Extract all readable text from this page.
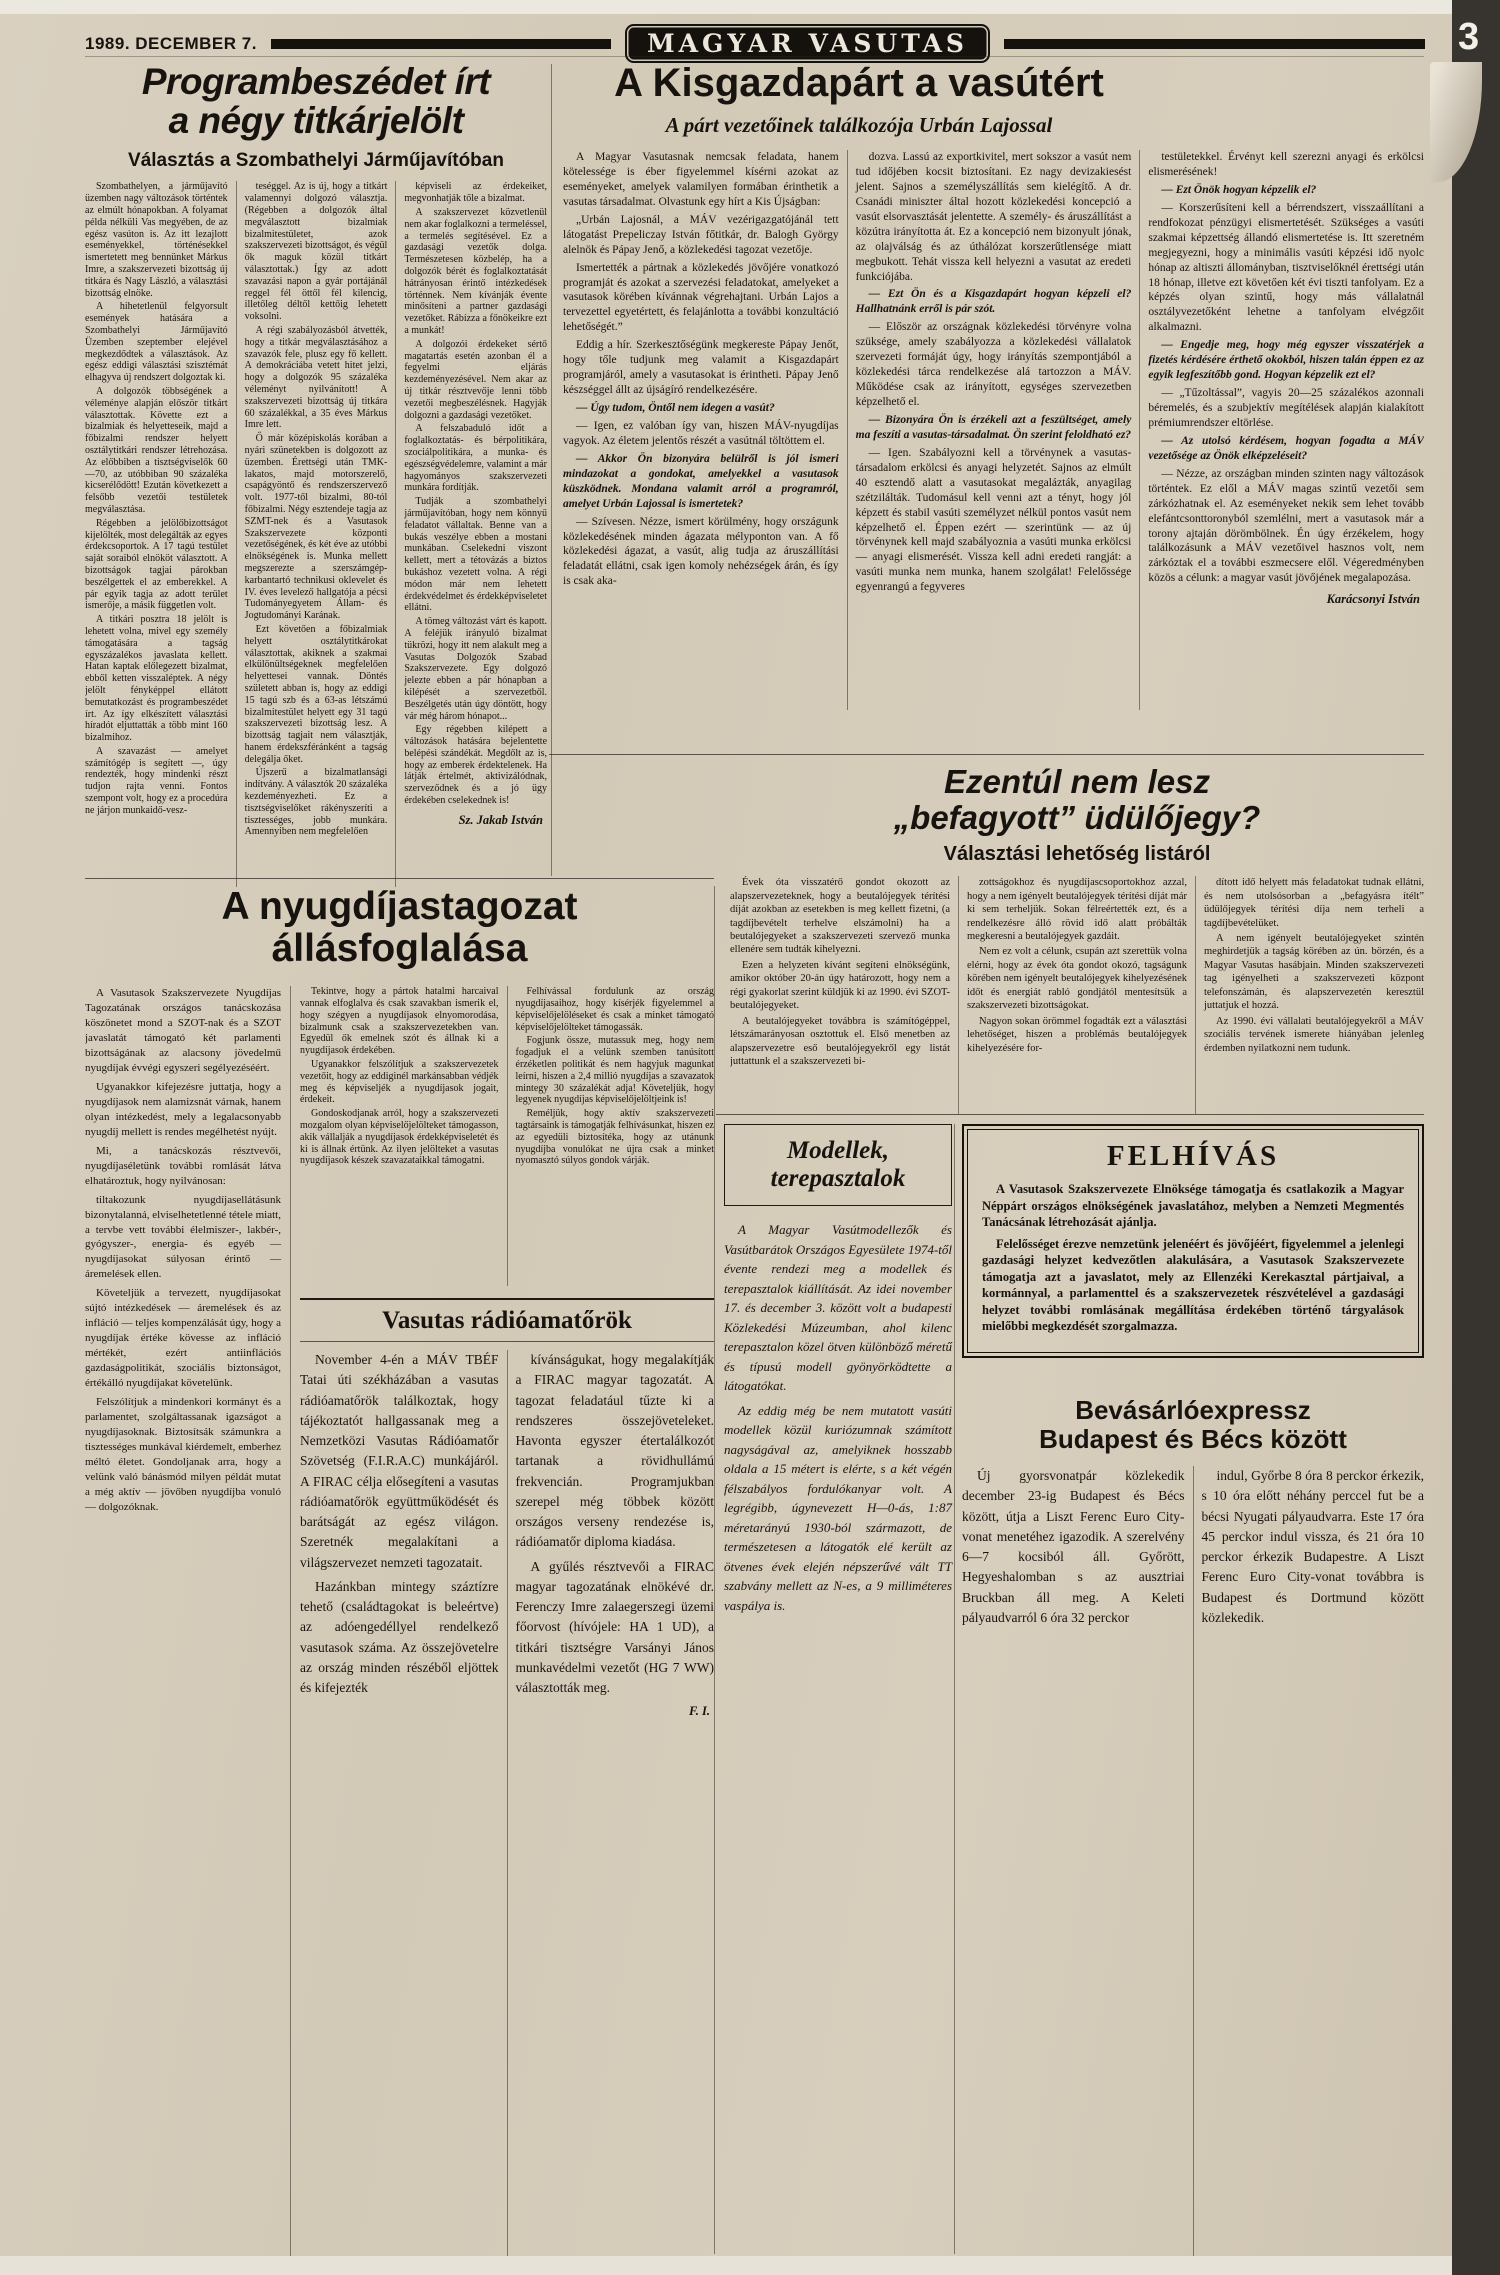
3
1989. DECEMBER 7.	MAGYAR VASUTAS
Programbeszédet írt
a négy titkárjelölt
Választás a Szombathelyi Járműjavítóban

Szombathelyen, a járműjavító üzemben nagy változások történtek az elmúlt hónapokban. A folyamat példa nélküli Vas megyében, de az egész vasúton is. Az itt lezajlott eseményekkel, történésekkel ismertetett meg bennünket Márkus Imre, a szakszervezeti bizottság új titkára és Nagy László, a választási bizottság elnöke.

A hihetetlenül felgyorsult események hatására a Szombathelyi Járműjavító Üzemben szeptember elejével megkezdődtek a választások. Az egész eddigi választási szisztémát elhagyva új rendszert dolgoztak ki.

A dolgozók többségének a véleménye alapján először titkárt választottak. Követte ezt a bizalmiak és helyetteseik, majd a főbizalmi rendszer helyett osztálytitkári rendszer létrehozása. Az előbbiben a tisztségviselők 60—70, az utóbbiban 90 százaléka kicserélődött! Ezután következett a felsőbb vezetői testületek megválasztása.

Régebben a jelölőbizottságot kijelölték, most delegálták az egyes érdekcsoportok. A 17 tagú testület saját soraiból elnököt választott. A bizottságok tagjai párokban beszélgettek el az emberekkel. A pár egyik tagja az adott terület ismerője, a másik független volt.

A titkári posztra 18 jelölt is lehetett volna, mivel egy személy támogatására a tagság egyszázalékos javaslata kellett. Hatan kaptak előlegezett bizalmat, ebből ketten visszaléptek. A négy jelölt fényképpel ellátott bemutatkozást és programbeszédet írt. Az így elkészített választási híradót eljuttatták a több mint 160 bizalmihoz.

A szavazást — amelyet számítógép is segített —, úgy rendezték, hogy mindenki részt tudjon rajta venni. Fontos szempont volt, hogy ez a procedúra ne járjon munkaidő-vesz-

teséggel. Az is új, hogy a titkárt valamennyi dolgozó választja. (Régebben a dolgozók által megválasztott bizalmiak bizalmitestületet, azok szakszervezeti bizottságot, és végül ők maguk közül titkárt választottak.) Így az adott szavazási napon a gyár portájánál reggel fél öttől fél kilencig, illetőleg déltől kettőig lehetett voksolni.

A régi szabályozásból átvették, hogy a titkár megválasztásához a szavazók fele, plusz egy fő kellett. A demokráciába vetett hitet jelzi, hogy a dolgozók 95 százaléka véleményt nyilvánított! A szakszervezeti bizottság új titkára 60 százalékkal, a 35 éves Márkus Imre lett.

Ő már középiskolás korában a nyári szünetekben is dolgozott az üzemben. Érettségi után TMK-lakatos, majd motorszerelő, csapágyöntő és rendszerszervező volt. 1977-től bizalmi, 80-tól főbizalmi. Négy esztendeje tagja az SZMT-nek és a Vasutasok Szakszervezete központi vezetőségének, és két éve az utóbbi elnökségének is. Munka mellett megszerezte a szerszámgép-karbantartó technikusi oklevelet és IV. éves levelező hallgatója a pécsi Tudományegyetem Állam- és Jogtudományi Karának.

Ezt követően a főbizalmiak helyett osztálytitkárokat választottak, akiknek a szakmai elkülönültségeknek megfelelően helyettesei vannak. Döntés született abban is, hogy az eddigi 15 tagú szb és a 63-as létszámú bizalmitestület helyett egy 31 tagú szakszervezeti bizottság lesz. A bizottság tagjait nem választják, hanem érdekszféránként a tagság delegálja őket.

Újszerű a bizalmatlansági indítvány. A választók 20 százaléka kezdeményezheti. Ez a tisztségviselőket rákényszeríti a tisztességes, jobb munkára. Amennyiben nem megfelelően

képviseli az érdekeiket, megvonhatják tőle a bizalmat.

A szakszervezet közvetlenül nem akar foglalkozni a termeléssel, a termelés segítésével. Ez a gazdasági vezetők dolga. Természetesen közbelép, ha a dolgozók bérét és foglalkoztatását hátrányosan érintő intézkedések történnek. Nem kívánják évente minősíteni a partner gazdasági vezetőket. Rábízza a főnökeikre ezt a munkát!

A dolgozói érdekeket sértő magatartás esetén azonban él a fegyelmi eljárás kezdeményezésével. Nem akar az új titkár résztvevője lenni több vezetői megbeszélésnek. Hagyják dolgozni a gazdasági vezetőket.

A felszabaduló időt a foglalkoztatás- és bérpolitikára, szociálpolitikára, a munka- és egészségvédelemre, valamint a már hagyományos szakszervezeti munkára fordítják.

Tudják a szombathelyi járműjavítóban, hogy nem könnyű feladatot vállaltak. Benne van a bukás veszélye ebben a mostani munkában. Cselekedni viszont kellett, mert a tétovázás a biztos bukáshoz vezetett volna. A régi módon már nem lehetett érdekvédelmet és érdekképviseletet ellátni.

A tömeg változást várt és kapott. A feléjük irányuló bizalmat tükrözi, hogy itt nem alakult meg a Vasutas Dolgozók Szabad Szakszervezete. Egy dolgozó jelezte ebben a pár hónapban a kilépését a szervezetből. Beszélgetés után úgy döntött, hogy vár még három hónapot...

Egy régebben kilépett a változások hatására bejelentette belépési szándékát. Megdőlt az is, hogy az emberek érdektelenek. Ha látják értelmét, aktivizálódnak, szerveződnek és a jó ügy érdekében cselekednek is!

Sz. Jakab István
A Kisgazdapárt a vasútért
A párt vezetőinek találkozója Urbán Lajossal

A Magyar Vasutasnak nemcsak feladata, hanem kötelessége is éber figyelemmel kísérni azokat az eseményeket, amelyek valamilyen formában érinthetik a vasutas társadalmat. Olvastunk egy hírt a Kis Újságban:

„Urbán Lajosnál, a MÁV vezérigazgatójánál tett látogatást Prepeliczay István főtitkár, dr. Balogh György alelnök és Pápay Jenő, a közlekedési tagozat vezetője.

Ismertették a pártnak a közlekedés jövőjére vonatkozó programját és azokat a szervezési feladatokat, amelyeket a vasutasok körében kívánnak végrehajtani. Urbán Lajos a tervezettel egyetértett, és felajánlotta a további konzultáció lehetőségét.”

Eddig a hír. Szerkesztőségünk megkereste Pápay Jenőt, hogy tőle tudjunk meg valamit a Kisgazdapárt programjáról, amely a vasutasokat is érintheti. Pápay Jenő készséggel állt az újságíró rendelkezésére.

— Úgy tudom, Öntől nem idegen a vasút?

— Igen, ez valóban így van, hiszen MÁV-nyugdíjas vagyok. Az életem jelentős részét a vasútnál töltöttem el.

— Akkor Ön bizonyára belülről is jól ismeri mindazokat a gondokat, amelyekkel a vasutasok küszködnek. Mondana valamit arról a programról, amelyet Urbán Lajossal is ismertetek?

— Szívesen. Nézze, ismert körülmény, hogy országunk közlekedésének minden ágazata mélyponton van. A fő közlekedési ágazat, a vasút, alig tudja az áruszállítási feladatát ellátni, csak igen komoly nehézségek árán, és így is csak aka-

dozva. Lassú az exportkivitel, mert sokszor a vasút nem tud időjében kocsit biztosítani. Ez nagy devizakiesést jelent. Sajnos a személyszállítás sem kielégítő. A dr. Csanádi miniszter által hozott közlekedési koncepció a vasút elsorvasztását jelentette. A személy- és áruszállítást a közútra irányította át. Ez a koncepció nem bizonyult jónak, az olajválság és az úthálózat korszerűtlensége miatt megbukott. Tehát vissza kell helyezni a vasutat az eredeti funkciójába.

— Ezt Ön és a Kisgazdapárt hogyan képzeli el? Hallhatnánk erről is pár szót.

— Először az országnak közlekedési törvényre volna szüksége, amely szabályozza a közlekedési vállalatok szervezeti formáját úgy, hogy irányítás szempontjából a közlekedési tárca rendelkezése alá tartozzon a MÁV. Működése csak az irányított, egységes szervezetben képzelhető el.

— Bizonyára Ön is érzékeli azt a feszültséget, amely ma feszíti a vasutas-társadalmat. Ön szerint feloldható ez?

— Igen. Szabályozni kell a törvénynek a vasutas-társadalom erkölcsi és anyagi helyzetét. Sajnos az elmúlt 40 esztendő alatt a vasutasokat megalázták, anyagilag szétzilálták. Tudomásul kell venni azt a tényt, hogy jól képzett és stabil vasúti személyzet nélkül pontos vasút nem képzelhető el. Éppen ezért — szerintünk — az új törvénynek kell majd szabályoznia a vasúti munka erkölcsi — anyagi elismerését. Vissza kell adni eredeti rangját: a vasúti munka nem munka, hanem szolgálat! Felelőssége egyenrangú a fegyveres

testületekkel. Érvényt kell szerezni anyagi és erkölcsi elismerésének!

— Ezt Önök hogyan képzelik el?

— Korszerűsíteni kell a bérrendszert, visszaállítani a rendfokozat pénzügyi elismertetését. Szükséges a vasúti szakmai képzettség állandó elismertetése is. Itt szeretném megjegyezni, hogy a minimális vasúti képzési idő nyolc hónap az altiszti állományban, tisztviselőknél érettségi után 18 hónap, illetve ezt követően két évi tiszti tanfolyam. Ez a képzés olyan szintű, hogy más vállalatnál osztályvezetőként lehetne a tanfolyam elvégzőit alkalmazni.

— Engedje meg, hogy még egyszer visszatérjek a fizetés kérdésére érthető okokból, hiszen talán éppen ez az egyik legfeszítőbb gond. Hogyan képzelik ezt el?

— „Tűzoltással”, vagyis 20—25 százalékos azonnali béremelés, és a szubjektív megítélések alapján kialakított prémiumrendszer eltörlése.

— Az utolsó kérdésem, hogyan fogadta a MÁV vezetősége az Önök elképzeléseit?

— Nézze, az országban minden szinten nagy változások történtek. Ez elől a MÁV magas szintű vezetői sem zárkózhatnak el. Az eseményeket nekik sem lehet tovább elefántcsonttoronyból szemlélni, mert a vasutasok már a torony ajtaján dörömbölnek. Én úgy érzékelem, hogy találkozásunk a MÁV vezetőivel hasznos volt, nem zárkóztak el a további eszmecsere elől. Végeredményben közös a célunk: a magyar vasút jövőjének megalapozása.

Karácsonyi István
Ezentúl nem lesz
„befagyott” üdülőjegy?
Választási lehetőség listáról

Évek óta visszatérő gondot okozott az alapszervezeteknek, hogy a beutalójegyek térítési díját azokban az esetekben is meg kellett fizetni, (a tagdíjbevételt terhelve elszámolni) ha a beutalójegyeket a szakszervezeti szervező munka ellenére sem tudták kihelyezni.

Ezen a helyzeten kívánt segíteni elnökségünk, amikor október 20-án úgy határozott, hogy nem a régi gyakorlat szerint küldjük ki az 1990. évi SZOT-beutalójegyeket.

A beutalójegyeket továbbra is számítógéppel, létszámarányosan osztottuk el. Első menetben az alapszervezetre eső beutalójegyekről egy listát juttattunk el a szakszervezeti bi-

zottságokhoz és nyugdíjascsoportokhoz azzal, hogy a nem igényelt beutalójegyek térítési díját már ki sem terheljük. Sokan félreértették ezt, és a rendelkezésre álló rövid idő alatt próbálták megkeresni a beutalójegyek gazdáit.

Nem ez volt a célunk, csupán azt szerettük volna elérni, hogy az évek óta gondot okozó, tagságunk körében nem igényelt beutalójegyek kihelyezésének időt és energiát rabló gondjától mentesítsük a szakszervezeti bizottságokat.

Nagyon sokan örömmel fogadták ezt a választási lehetőséget, hiszen a problémás beutalójegyek kihelyezésére for-

dított idő helyett más feladatokat tudnak ellátni, és nem utolsósorban a „befagyásra ítélt” üdülőjegyek térítési díja nem terheli a tagdíjbevételüket.

A nem igényelt beutalójegyeket szintén meghirdetjük a tagság körében az ún. börzén, és a Magyar Vasutas hasábjain. Minden szakszervezeti tag igényelheti a szakszervezeti központ telefonszámán, és alapszervezetén keresztül juttatjuk el hozzá.

Az 1990. évi vállalati beutalójegyekről a MÁV szociális tervének ismerete hiányában jelenleg érdemben nyilatkozni nem tudunk.

A nyugdíjastagozat
állásfoglalása

A Vasutasok Szakszervezete Nyugdíjas Tagozatának országos tanácskozása köszönetet mond a SZOT-nak és a SZOT javaslatát támogató két parlamenti bizottságának az alacsony jövedelmű nyugdíjak évvégi egyszeri segélyezéséért.

Ugyanakkor kifejezésre juttatja, hogy a nyugdíjasok nem alamizsnát várnak, hanem olyan intézkedést, mely a legalacsonyabb nyugdíj mellett is rendes megélhetést nyújt.

Mi, a tanácskozás résztvevői, nyugdíjaséletünk további romlását látva elhatároztuk, hogy nyilvánosan:

tiltakozunk nyugdíjasellátásunk bizonytalanná, elviselhetetlenné tétele miatt, a tervbe vett további élelmiszer-, lakbér-, gyógyszer-, energia- és egyéb — nyugdíjasokat súlyosan érintő — áremelések ellen.

Követeljük a tervezett, nyugdíjasokat sújtó intézkedések — áremelések és az infláció — teljes kompenzálását úgy, hogy a nyugdíjak értéke kövesse az infláció mértékét, ezért antiinflációs gazdaságpolitikát, szociális biztonságot, értékálló nyugdíjakat követelünk.

Felszólítjuk a mindenkori kormányt és a parlamentet, szolgáltassanak igazságot a nyugdíjasoknak. Biztosítsák számunkra a tisztességes munkával kiérdemelt, emberhez méltó életet. Gondoljanak arra, hogy a velünk való bánásmód milyen példát mutat a még aktív — jövőben nyugdíjba vonuló — dolgozóknak.

Tekintve, hogy a pártok hatalmi harcaival vannak elfoglalva és csak szavakban ismerik el, hogy szégyen a nyugdíjasok elnyomorodása, bizalmunk csak a szakszervezetekben van. Egyedül ők emelnek szót és állnak ki a nyugdíjasok érdekében.

Ugyanakkor felszólítjuk a szakszervezetek vezetőit, hogy az eddiginél markánsabban védjék meg és képviseljék a nyugdíjasok jogait, érdekeit.

Gondoskodjanak arról, hogy a szakszervezeti mozgalom olyan képviselőjelölteket támogasson, akik vállalják a nyugdíjasok érdekképviseletét és ki is állnak értünk. Az ilyen jelölteket a vasutas nyugdíjasok készek szavazataikkal támogatni.

Felhívással fordulunk az ország nyugdíjasaihoz, hogy kísérjék figyelemmel a képviselőjelöléseket és csak a minket támogató képviselőjelölteket támogassák.

Fogjunk össze, mutassuk meg, hogy nem fogadjuk el a velünk szemben tanúsított érzéketlen politikát és nem hagyjuk magunkat leírni, hiszen a 2,4 millió nyugdíjas a szavazatok mintegy 30 százalékát adja! Követeljük, hogy legyenek nyugdíjas képviselőjelöltjeink is!

Reméljük, hogy aktív szakszervezeti tagtársaink is támogatják felhívásunkat, hiszen ez az egyedüli biztosítéka, hogy az utánunk nyugdíjba vonulókat ne újra csak a minket nyomasztó súlyos gondok várják.

Vasutas rádióamatőrök

November 4-én a MÁV TBÉF Tatai úti székházában a vasutas rádióamatőrök találkoztak, hogy tájékoztatót hallgassanak meg a Nemzetközi Vasutas Rádióamatőr Szövetség (F.I.R.A.C) munkájáról. A FIRAC célja elősegíteni a vasutas rádióamatőrök együttműködését és barátságát az egész világon. Szeretnék megalakítani a világszervezet nemzeti tagozatait.

Hazánkban mintegy száztízre tehető (családtagokat is beleértve) az adóengedéllyel rendelkező vasutasok száma. Az összejövetelre az ország minden részéből eljöttek és kifejezték

kívánságukat, hogy megalakítják a FIRAC magyar tagozatát. A tagozat feladatául tűzte ki a rendszeres összejöveteleket. Havonta egyszer étertalálkozót tartanak a rövidhullámú frekvencián. Programjukban szerepel még többek között országos verseny rendezése is, rádióamatőr diploma kiadása.

A gyűlés résztvevői a FIRAC magyar tagozatának elnökévé dr. Ferenczy Imre zalaegerszegi üzemi főorvost (hívójele: HA 1 UD), a titkári tisztségre Varsányi János munkavédelmi vezetőt (HG 7 WW) választották meg.

F. I.
Modellek,
terepasztalok

A Magyar Vasútmodellezők és Vasútbarátok Országos Egyesülete 1974-től évente rendezi meg a modellek és terepasztalok kiállítását. Az idei november 17. és december 3. között volt a budapesti Közlekedési Múzeumban, ahol kilenc terepasztalon közel ötven különböző méretű és típusú modell gyönyörködtette a látogatókat.

Az eddig még be nem mutatott vasúti modellek közül kuriózumnak számított nagyságával az, amelyiknek hosszabb oldala a 15 métert is elérte, s a két végén félszabályos fordulókanyar volt. A legrégibb, úgynevezett H—0-ás, 1:87 méretarányú 1930-ból származott, de természetesen a látogatók elé került az ötvenes évek elején népszerűvé vált TT szabvány mellett az N-es, a 9 milliméteres vaspálya is.

FELHÍVÁS

A Vasutasok Szakszervezete Elnöksége támogatja és csatlakozik a Magyar Néppárt országos elnökségének javaslatához, melyben a Nemzeti Megmentés Tanácsának létrehozását ajánlja.

Felelősséget érezve nemzetünk jelenéért és jövőjéért, figyelemmel a jelenlegi gazdasági helyzet kedvezőtlen alakulására, a Vasutasok Szakszervezete támogatja azt a javaslatot, mely az Ellenzéki Kerekasztal pártjaival, a kormánnyal, a parlamenttel és a szakszervezetek részvételével a gazdasági helyzet további romlásának megállítása érdekében történő tárgyalások mielőbbi megkezdését szorgalmazza.

Bevásárlóexpressz
Budapest és Bécs között

Új gyorsvonatpár közlekedik december 23-ig Budapest és Bécs között, útja a Liszt Ferenc Euro City-vonat menetéhez igazodik. A szerelvény 6—7 kocsiból áll. Győrött, Hegyeshalomban s az ausztriai Bruckban áll meg. A Keleti pályaudvarról 6 óra 32 perckor

indul, Győrbe 8 óra 8 perckor érkezik, s 10 óra előtt néhány perccel fut be a bécsi Nyugati pályaudvarra. Este 17 óra 45 perckor indul vissza, és 21 óra 10 perckor érkezik Budapestre. A Liszt Ferenc Euro City-vonat továbbra is Budapest és Dortmund között közlekedik.
